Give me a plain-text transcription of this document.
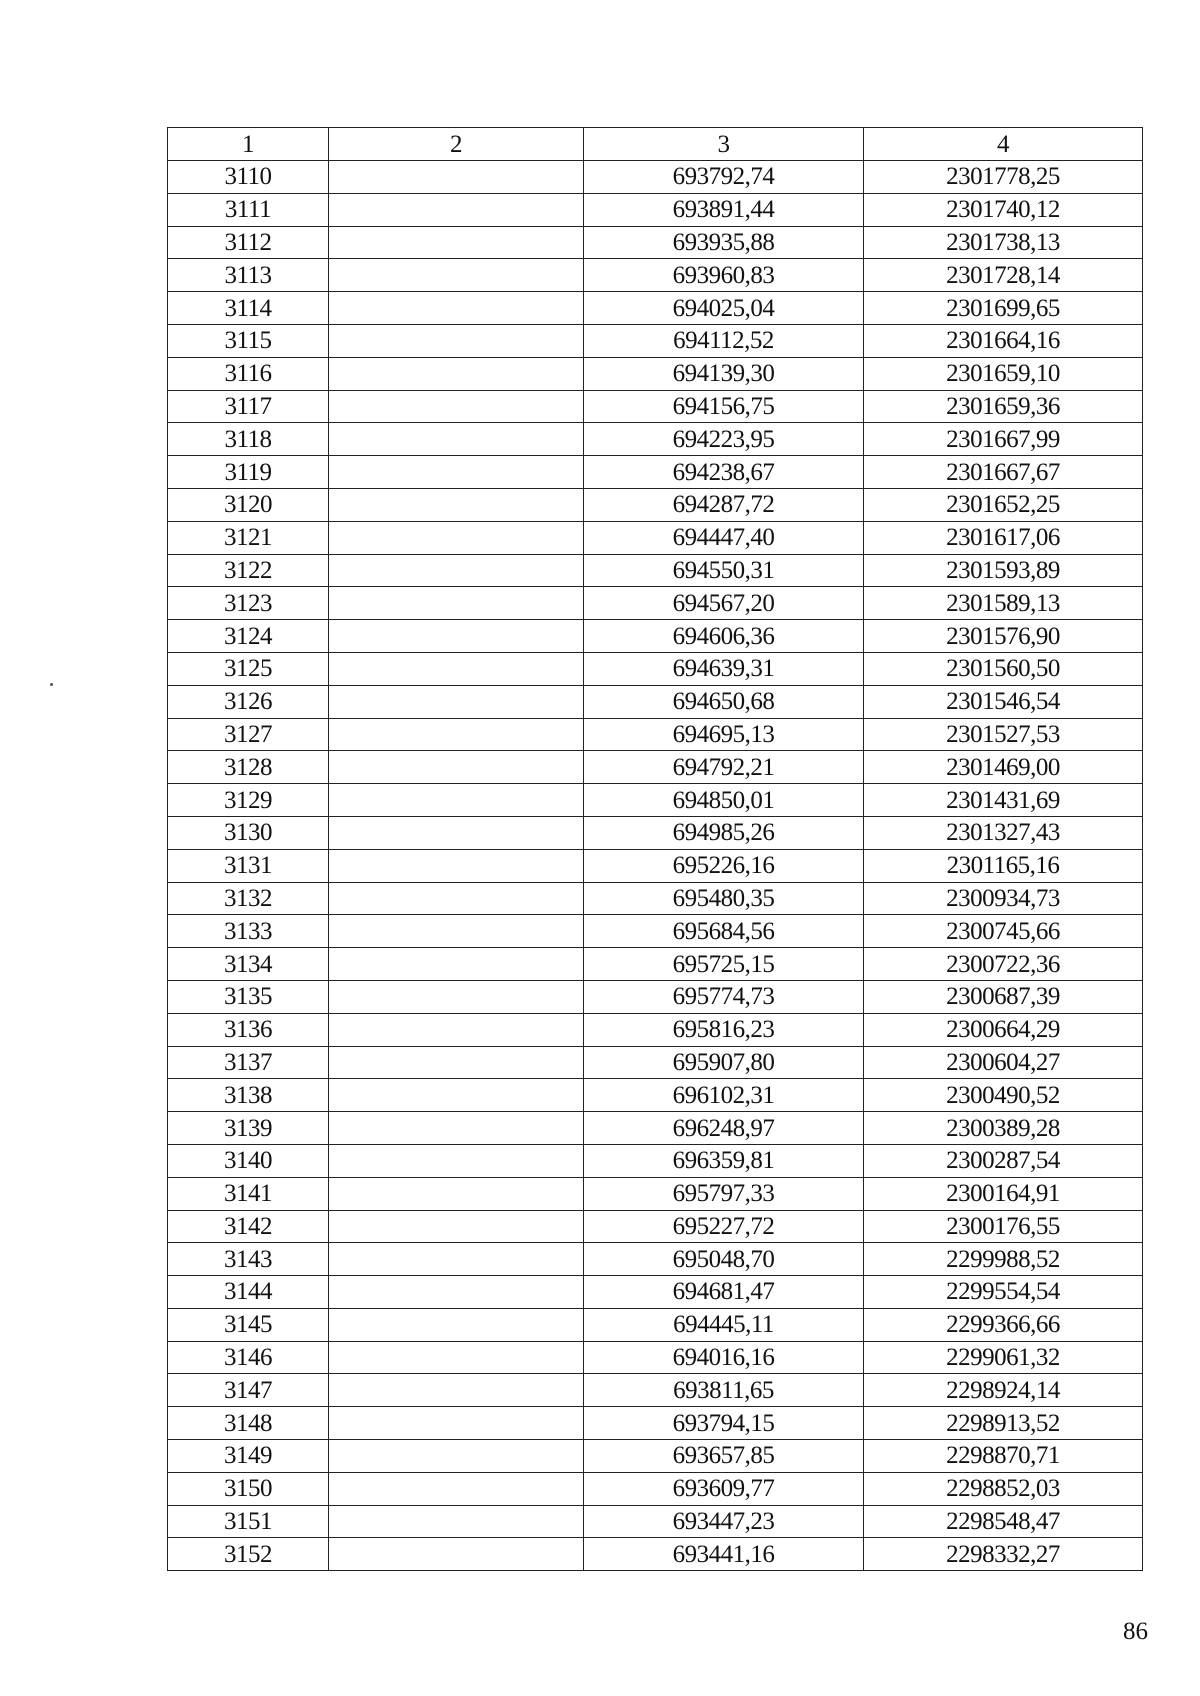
1	2	3	4
3110		693792,74	2301778,25
3111		693891,44	2301740,12
3112		693935,88	2301738,13
3113		693960,83	2301728,14
3114		694025,04	2301699,65
3115		694112,52	2301664,16
3116		694139,30	2301659,10
3117		694156,75	2301659,36
3118		694223,95	2301667,99
3119		694238,67	2301667,67
3120		694287,72	2301652,25
3121		694447,40	2301617,06
3122		694550,31	2301593,89
3123		694567,20	2301589,13
3124		694606,36	2301576,90
3125		694639,31	2301560,50
3126		694650,68	2301546,54
3127		694695,13	2301527,53
3128		694792,21	2301469,00
3129		694850,01	2301431,69
3130		694985,26	2301327,43
3131		695226,16	2301165,16
3132		695480,35	2300934,73
3133		695684,56	2300745,66
3134		695725,15	2300722,36
3135		695774,73	2300687,39
3136		695816,23	2300664,29
3137		695907,80	2300604,27
3138		696102,31	2300490,52
3139		696248,97	2300389,28
3140		696359,81	2300287,54
3141		695797,33	2300164,91
3142		695227,72	2300176,55
3143		695048,70	2299988,52
3144		694681,47	2299554,54
3145		694445,11	2299366,66
3146		694016,16	2299061,32
3147		693811,65	2298924,14
3148		693794,15	2298913,52
3149		693657,85	2298870,71
3150		693609,77	2298852,03
3151		693447,23	2298548,47
3152		693441,16	2298332,27
86
